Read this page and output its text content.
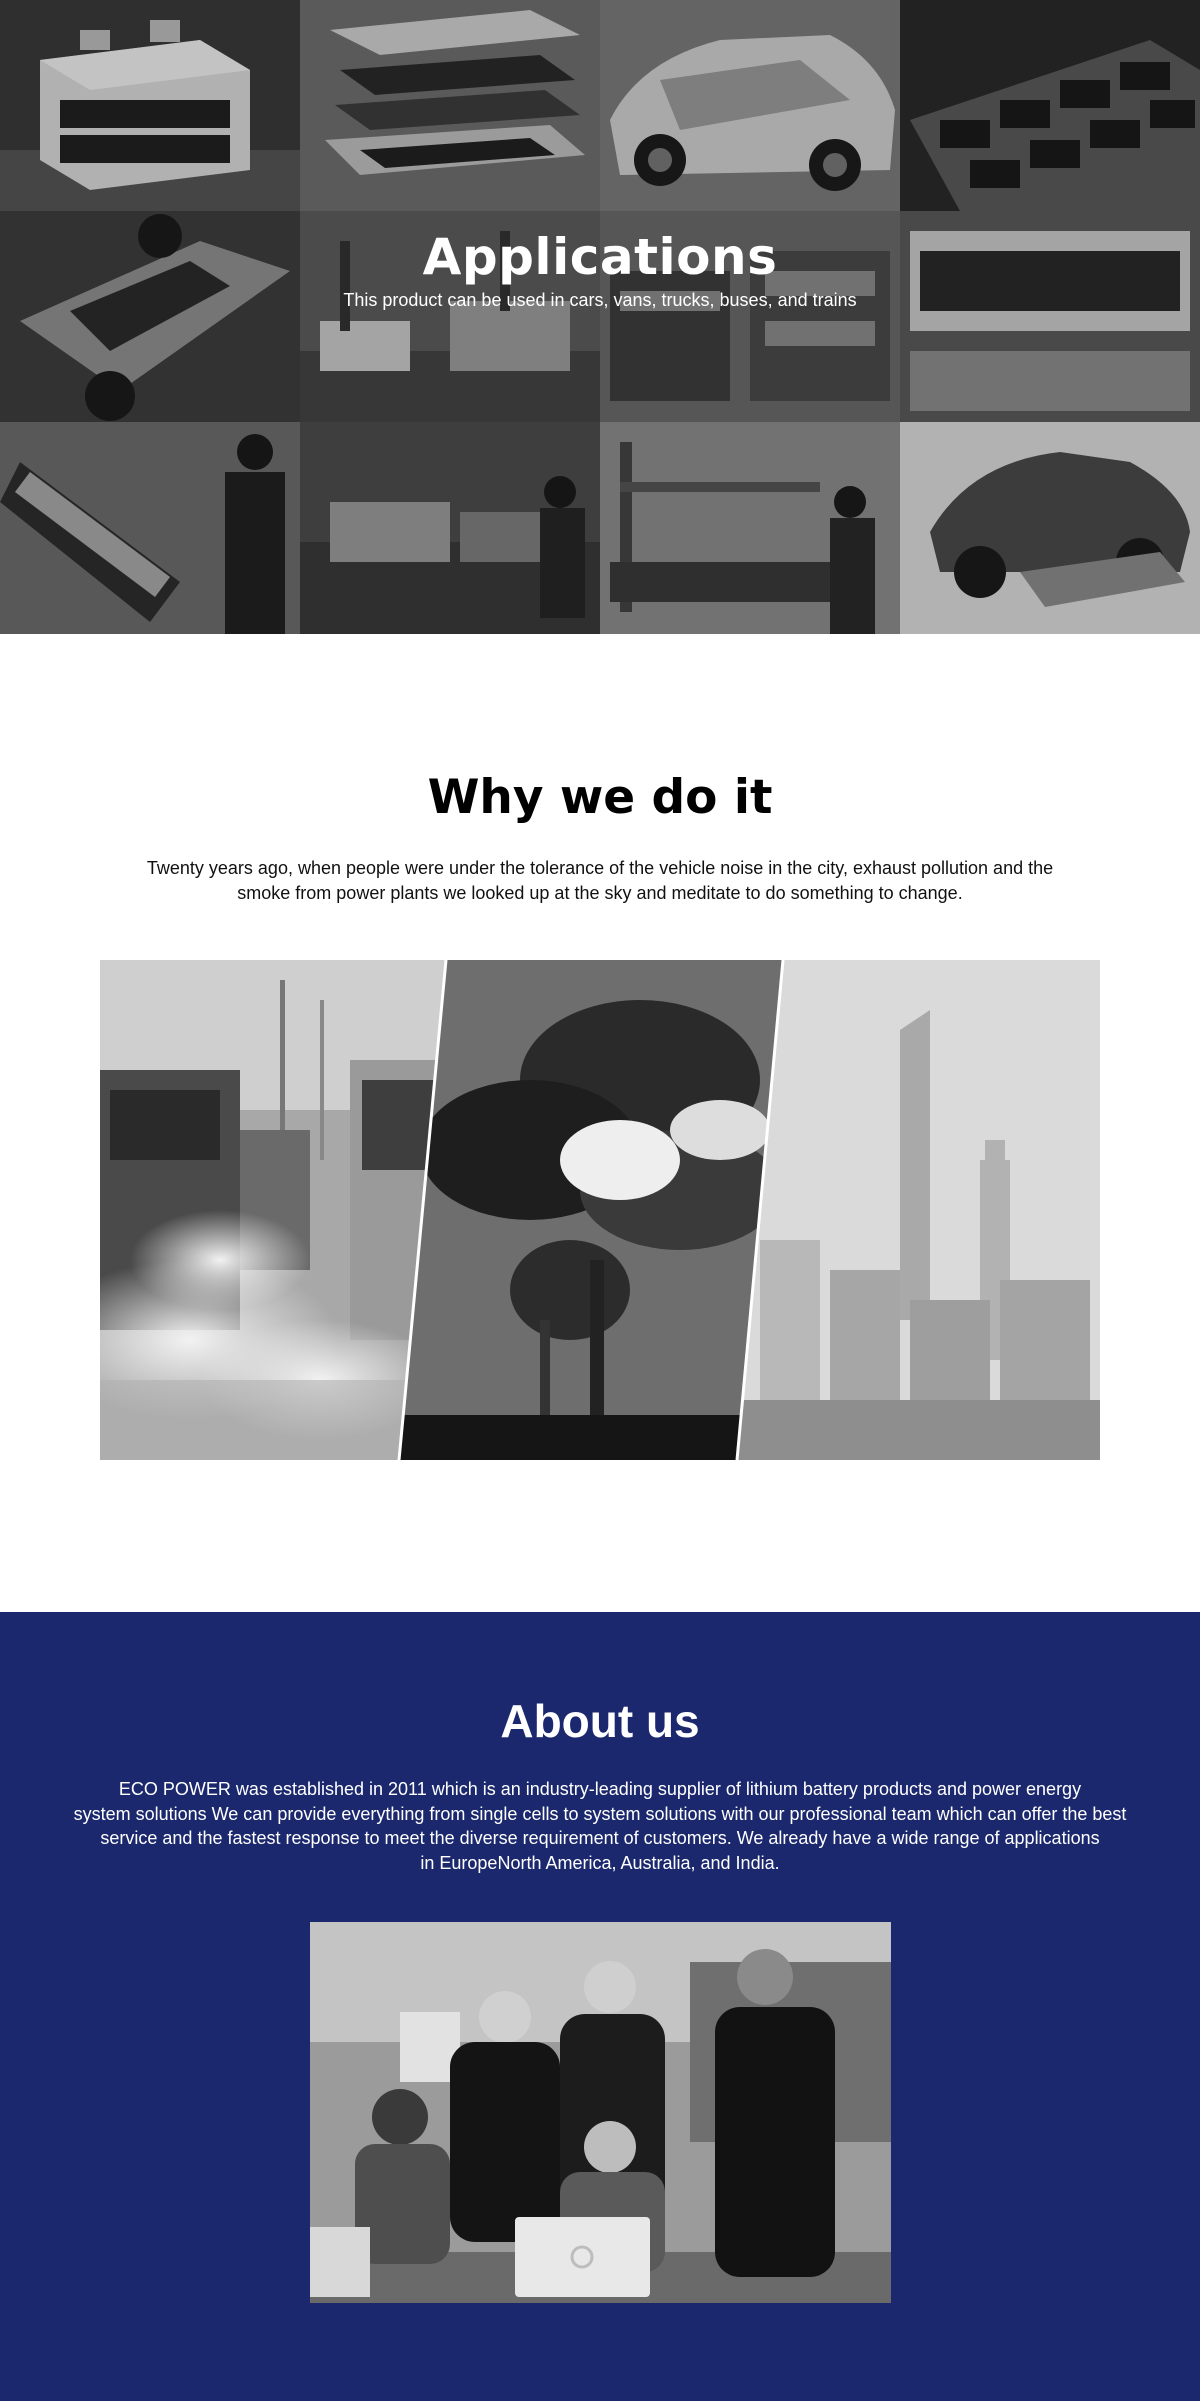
Applications

This product can be used in cars, vans, trucks, buses, and trains

Why we do it

Twenty years ago, when people were under the tolerance of the vehicle noise in the city, exhaust pollution and the smoke from power plants we looked up at the sky and meditate to do something to change.

About us

ECO POWER was established in 2011 which is an industry-leading supplier of lithium battery products and power energy
system solutions We can provide everything from single cells to system solutions with our professional team which can offer the best
service and the fastest response to meet the diverse requirement of customers. We already have a wide range of applications
in EuropeNorth America, Australia, and India.
